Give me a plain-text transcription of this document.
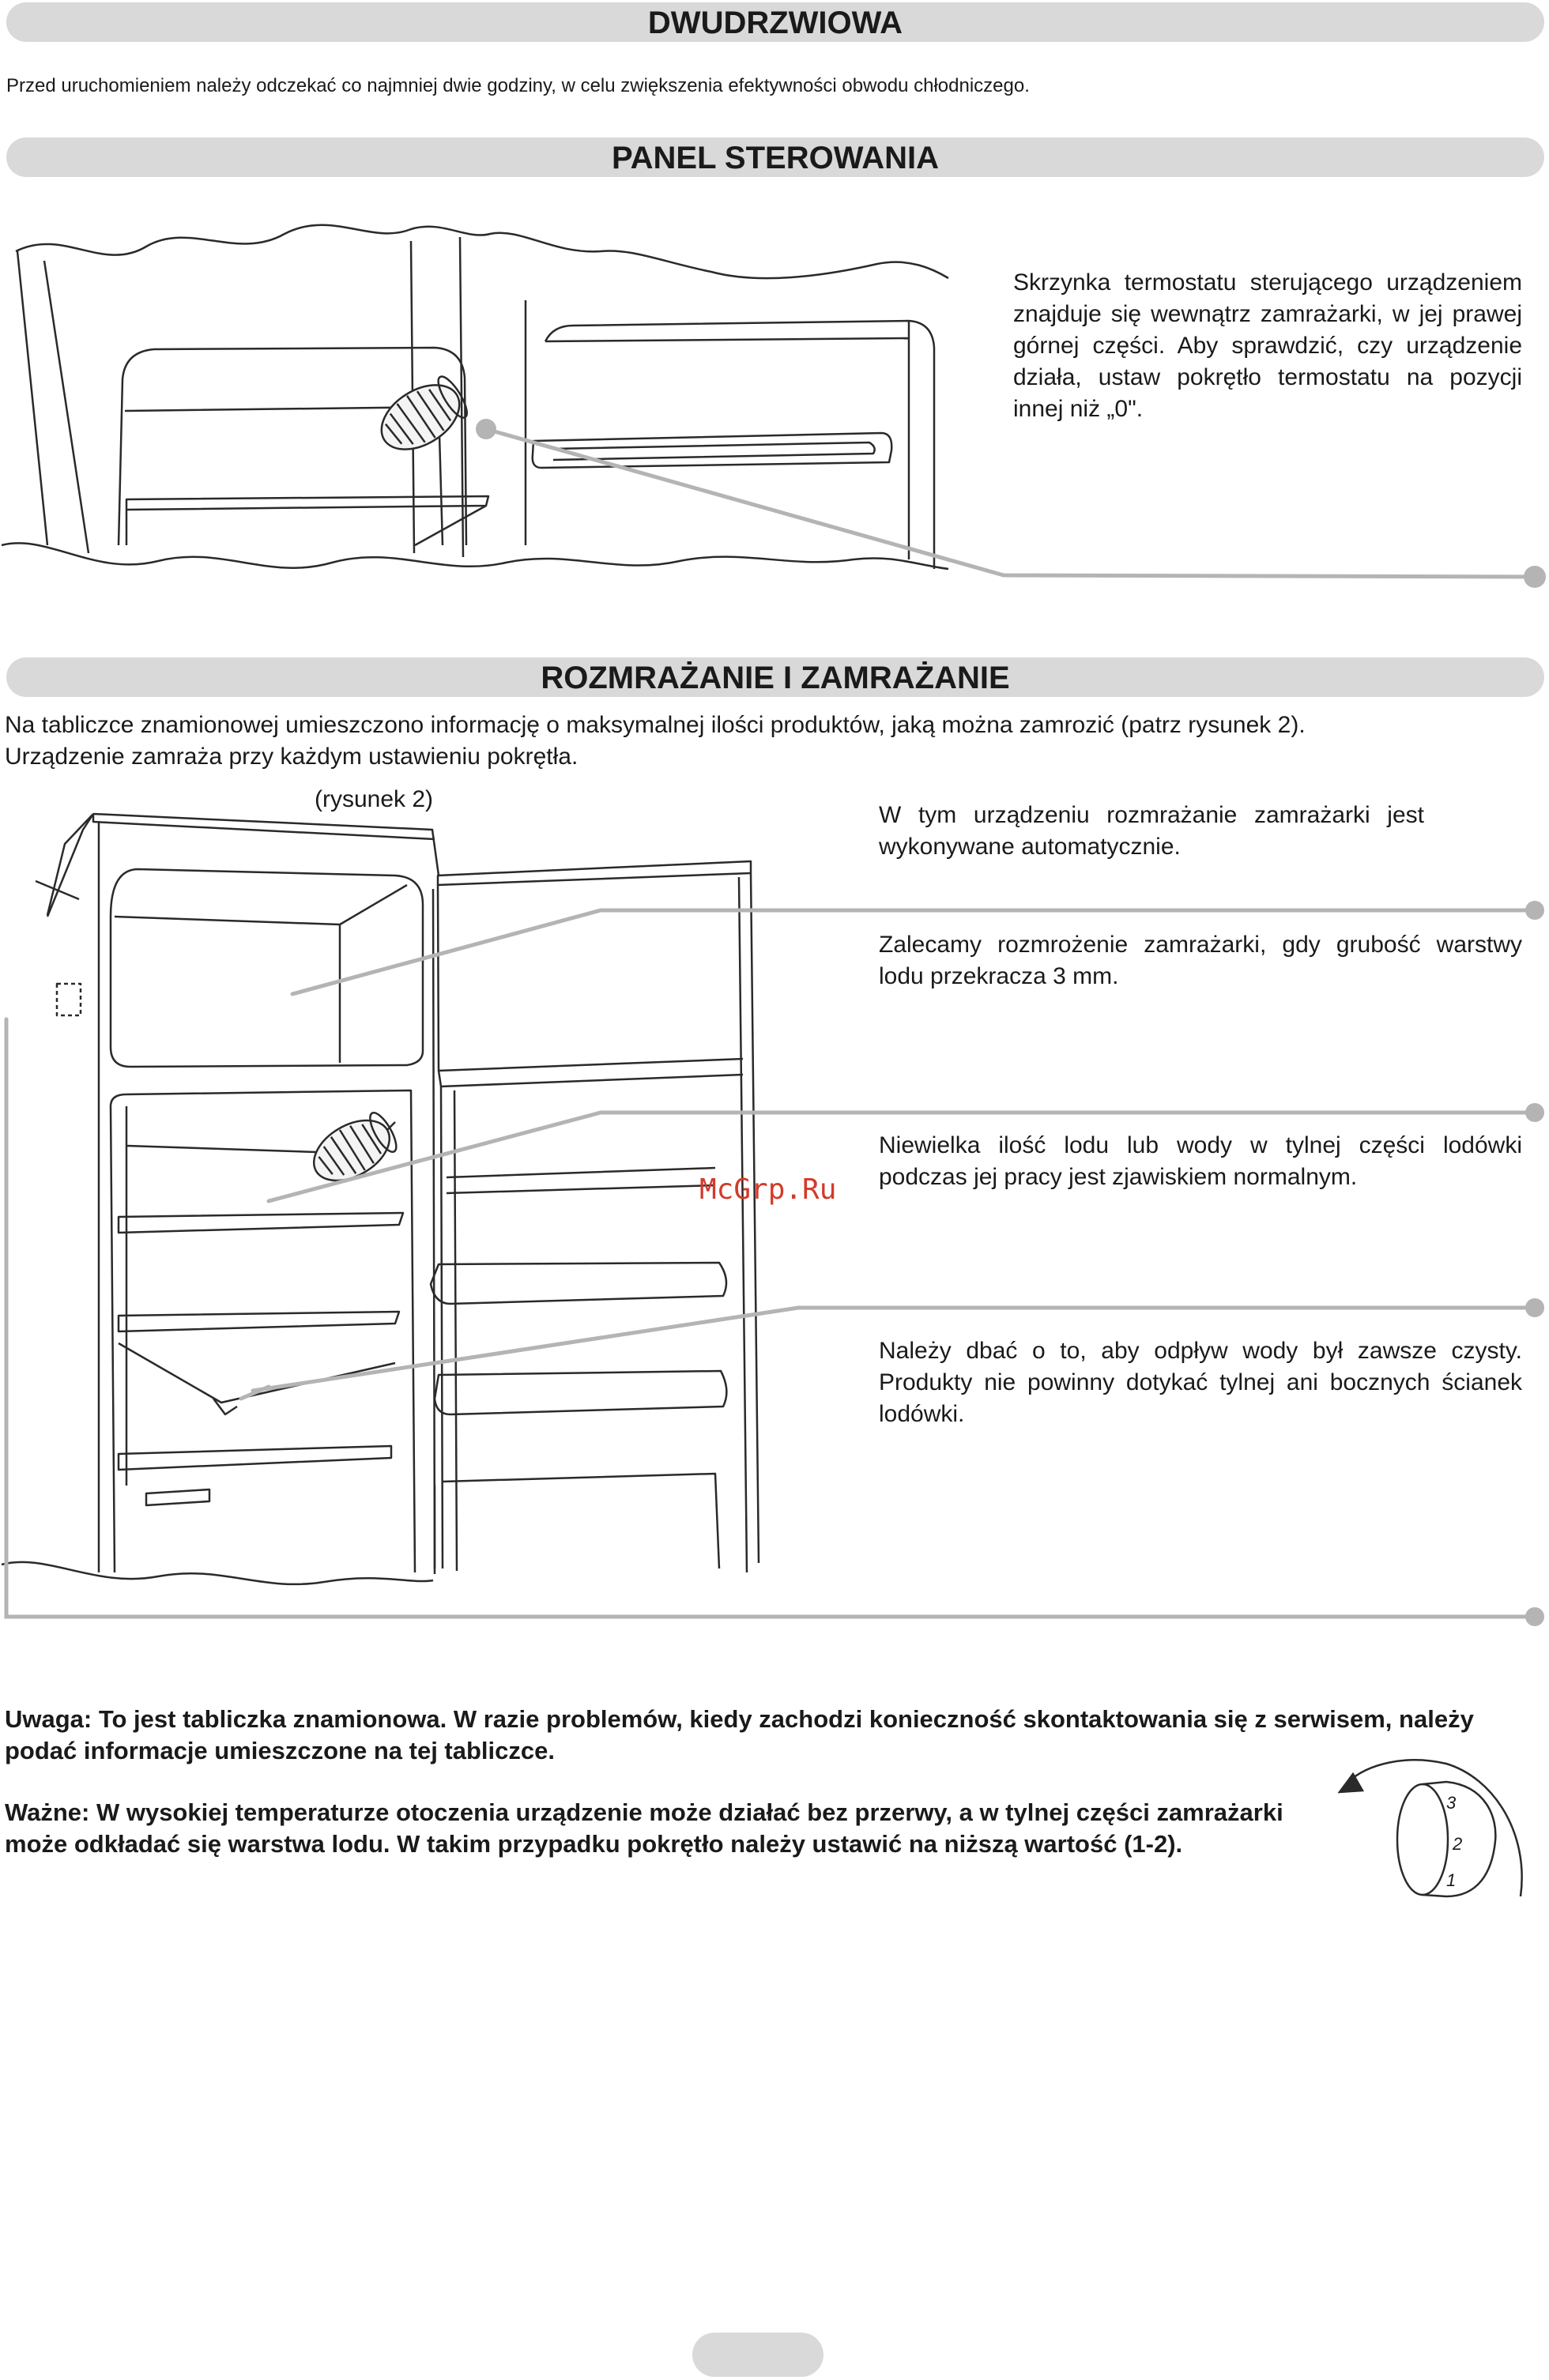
DWUDRZWIOWA
Przed uruchomieniem należy odczekać co najmniej dwie godziny, w celu zwiększenia efektywności obwodu chłodniczego.
PANEL STEROWANIA
Skrzynka termostatu sterującego urządzeniem znajduje się wewnątrz zamrażarki, w jej prawej górnej części. Aby sprawdzić, czy urządzenie działa, ustaw pokrętło termostatu na pozycji innej niż „0".
ROZMRAŻANIE I ZAMRAŻANIE
Na tabliczce znamionowej umieszczono informację o maksymalnej ilości produktów, jaką można zamrozić (patrz rysunek 2).
Urządzenie zamraża przy każdym ustawieniu pokrętła.
(rysunek 2)
W tym urządzeniu rozmrażanie zamrażarki jest wykonywane automatycznie.
Zalecamy rozmrożenie zamrażarki, gdy grubość warstwy lodu przekracza 3 mm.
Niewielka ilość lodu lub wody w tylnej części lodówki podczas jej pracy jest zjawiskiem normalnym.
Należy dbać o to, aby odpływ wody był zawsze czysty. Produkty nie powinny dotykać tylnej ani bocznych ścianek lodówki.
McGrp.Ru
Uwaga: To jest tabliczka znamionowa. W razie problemów, kiedy zachodzi konieczność skontaktowania się z serwisem, należy podać informacje umieszczone na tej tabliczce.
Ważne: W wysokiej temperaturze otoczenia urządzenie może działać bez przerwy, a w tylnej części zamrażarki może odkładać się warstwa lodu. W takim przypadku pokrętło należy ustawić na niższą wartość (1-2).
3
2
1
